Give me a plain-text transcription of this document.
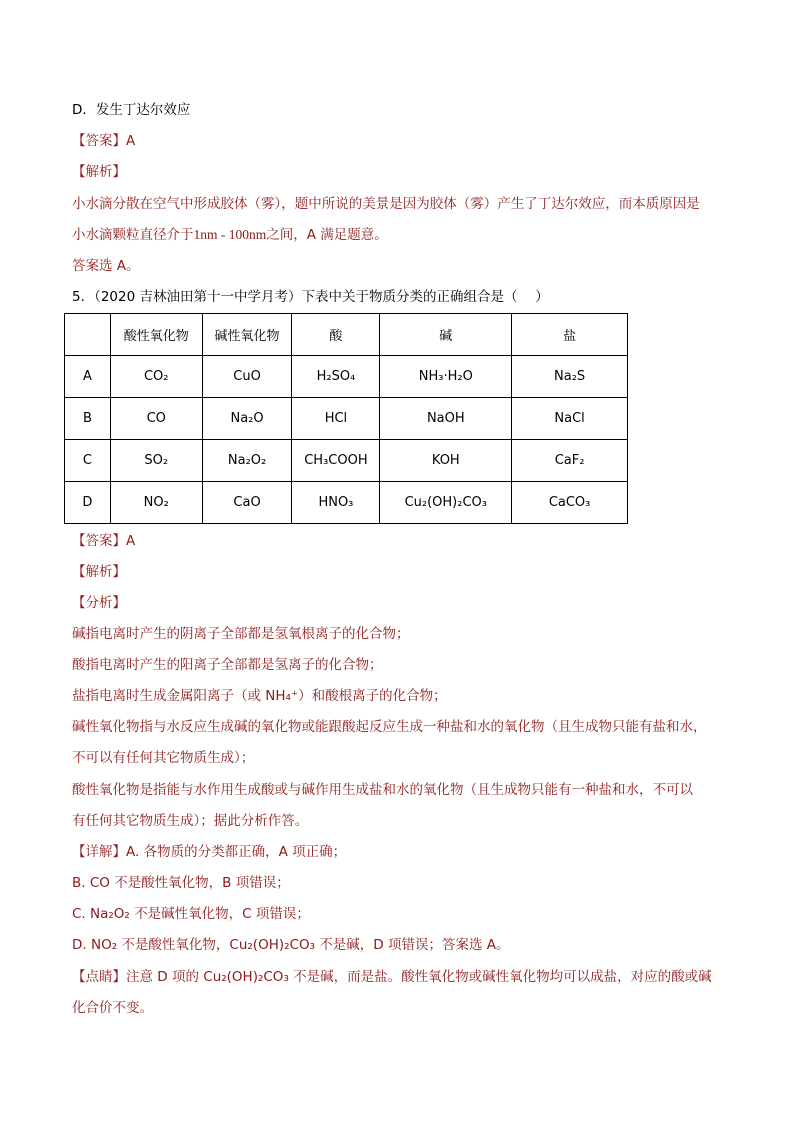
D．发生丁达尔效应
【答案】A
【解析】
小水滴分散在空气中形成胶体（雾），题中所说的美景是因为胶体（雾）产生了丁达尔效应，而本质原因是
小水滴颗粒直径介于1nm - 100nm之间，A 满足题意。
答案选 A。
5．（2020 吉林油田第十一中学月考）下表中关于物质分类的正确组合是（　 ）
	酸性氧化物	碱性氧化物	酸	碱	盐
A	CO₂	CuO	H₂SO₄	NH₃·H₂O	Na₂S
B	CO	Na₂O	HCl	NaOH	NaCl
C	SO₂	Na₂O₂	CH₃COOH	KOH	CaF₂
D	NO₂	CaO	HNO₃	Cu₂(OH)₂CO₃	CaCO₃
【答案】A
【解析】
【分析】
碱指电离时产生的阴离子全部都是氢氧根离子的化合物；
酸指电离时产生的阳离子全部都是氢离子的化合物；
盐指电离时生成金属阳离子（或 NH₄⁺）和酸根离子的化合物；
碱性氧化物指与水反应生成碱的氧化物或能跟酸起反应生成一种盐和水的氧化物（且生成物只能有盐和水，
不可以有任何其它物质生成）；
酸性氧化物是指能与水作用生成酸或与碱作用生成盐和水的氧化物（且生成物只能有一种盐和水，不可以
有任何其它物质生成）；据此分析作答。
【详解】A. 各物质的分类都正确，A 项正确；
B. CO 不是酸性氧化物，B 项错误；
C. Na₂O₂ 不是碱性氧化物，C 项错误；
D. NO₂ 不是酸性氧化物，Cu₂(OH)₂CO₃ 不是碱，D 项错误；答案选 A。
【点睛】注意 D 项的 Cu₂(OH)₂CO₃ 不是碱，而是盐。酸性氧化物或碱性氧化物均可以成盐，对应的酸或碱
化合价不变。
